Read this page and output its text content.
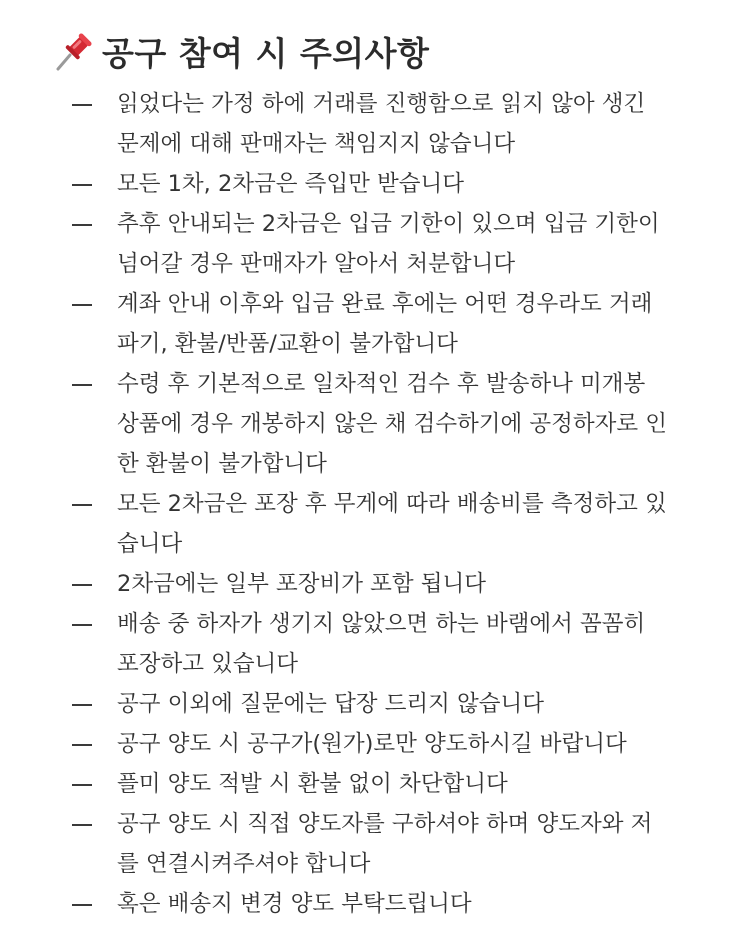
공구 참여 시 주의사항
읽었다는 가정 하에 거래를 진행함으로 읽지 않아 생긴
문제에 대해 판매자는 책임지지 않습니다
모든 1차, 2차금은 즉입만 받습니다
추후 안내되는 2차금은 입금 기한이 있으며 입금 기한이
넘어갈 경우 판매자가 알아서 처분합니다
계좌 안내 이후와 입금 완료 후에는 어떤 경우라도 거래
파기, 환불/반품/교환이 불가합니다
수령 후 기본적으로 일차적인 검수 후 발송하나 미개봉
상품에 경우 개봉하지 않은 채 검수하기에 공정하자로 인
한 환불이 불가합니다
모든 2차금은 포장 후 무게에 따라 배송비를 측정하고 있
습니다
2차금에는 일부 포장비가 포함 됩니다
배송 중 하자가 생기지 않았으면 하는 바램에서 꼼꼼히
포장하고 있습니다
공구 이외에 질문에는 답장 드리지 않습니다
공구 양도 시 공구가(원가)로만 양도하시길 바랍니다
플미 양도 적발 시 환불 없이 차단합니다
공구 양도 시 직접 양도자를 구하셔야 하며 양도자와 저
를 연결시켜주셔야 합니다
혹은 배송지 변경 양도 부탁드립니다
